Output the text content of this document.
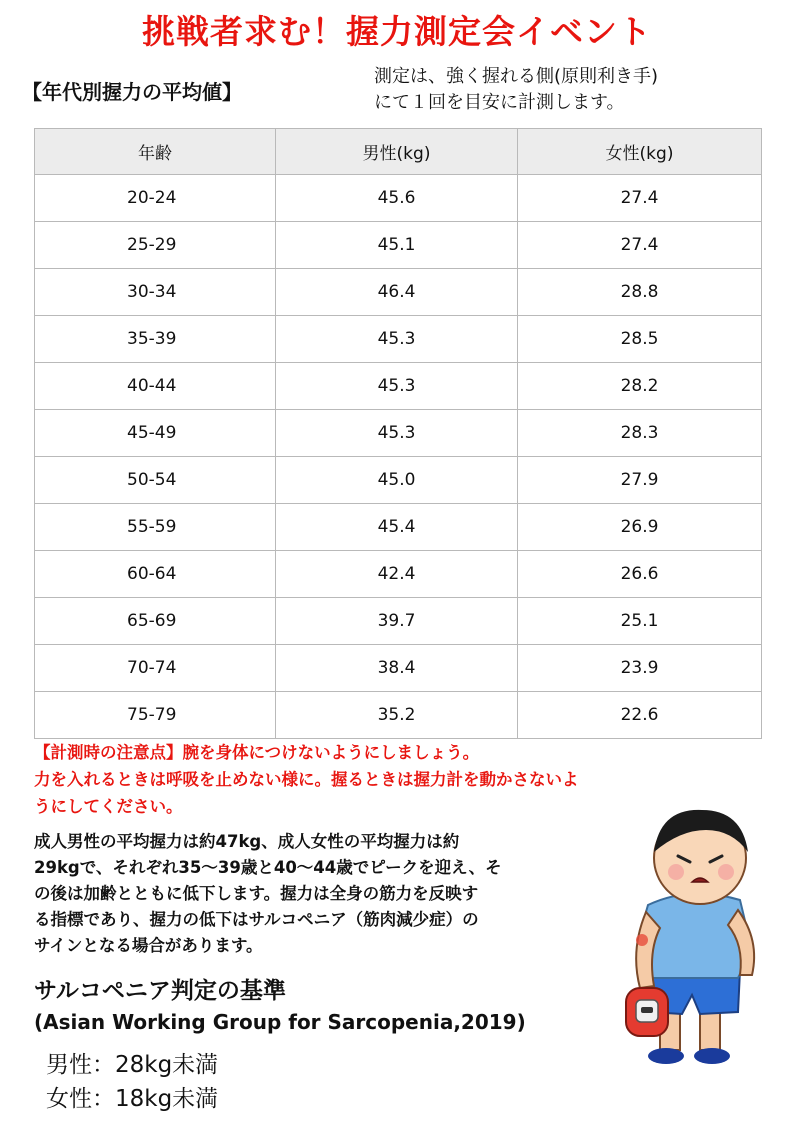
挑戦者求む！握力測定会イベント
【年代別握力の平均値】
測定は、強く握れる側(原則利き手)
にて１回を目安に計測します。
年齢	男性(kg)	女性(kg)
20-24	45.6	27.4
25-29	45.1	27.4
30-34	46.4	28.8
35-39	45.3	28.5
40-44	45.3	28.2
45-49	45.3	28.3
50-54	45.0	27.9
55-59	45.4	26.9
60-64	42.4	26.6
65-69	39.7	25.1
70-74	38.4	23.9
75-79	35.2	22.6
【計測時の注意点】腕を身体につけないようにしましょう。
力を入れるときは呼吸を止めない様に。握るときは握力計を動かさないよ
うにしてください。
成人男性の平均握力は約47kg、成人女性の平均握力は約
29kgで、それぞれ35～39歳と40～44歳でピークを迎え、そ
の後は加齢とともに低下します。握力は全身の筋力を反映す
る指標であり、握力の低下はサルコペニア（筋肉減少症）の
サインとなる場合があります。
サルコペニア判定の基準
(Asian Working Group for Sarcopenia,2019)
男性：28kg未満
女性：18kg未満
